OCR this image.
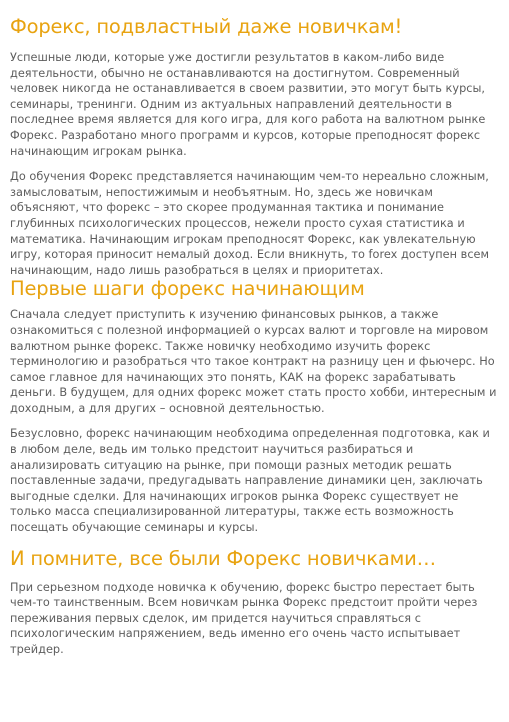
Форекс, подвластный даже новичкам!

Успешные люди, которые уже достигли результатов в каком-либо виде деятельности, обычно не останавливаются на достигнутом. Современный человек никогда не останавливается в своем развитии, это могут быть курсы, семинары, тренинги. Одним из актуальных направлений деятельности в последнее время является для кого игра, для кого работа на валютном рынке Форекс. Разработано много программ и курсов, которые преподносят форекс начинающим игрокам рынка.

До обучения Форекс представляется начинающим чем-то нереально сложным, замысловатым, непостижимым и необъятным. Но, здесь же новичкам объясняют, что форекс – это скорее продуманная тактика и понимание глубинных психологических процессов, нежели просто сухая статистика и математика. Начинающим игрокам преподносят Форекс, как увлекательную игру, которая приносит немалый доход. Если вникнуть, то forex доступен всем начинающим, надо лишь разобраться в целях и приоритетах.

Первые шаги форекс начинающим

Сначала следует приступить к изучению финансовых рынков, а также ознакомиться с полезной информацией о курсах валют и торговле на мировом валютном рынке форекс. Также новичку необходимо изучить форекс терминологию и разобраться что такое контракт на разницу цен и фьючерс. Но самое главное для начинающих это понять, КАК на форекс зарабатывать деньги. В будущем, для одних форекс может стать просто хобби, интересным и доходным, а для других – основной деятельностью.

Безусловно, форекс начинающим необходима определенная подготовка, как и в любом деле, ведь им только предстоит научиться разбираться и анализировать ситуацию на рынке, при помощи разных методик решать поставленные задачи, предугадывать направление динамики цен, заключать выгодные сделки. Для начинающих игроков рынка Форекс существует не только масса специализированной литературы, также есть возможность посещать обучающие семинары и курсы.

И помните, все были Форекс новичками…

При серьезном подходе новичка к обучению, форекс быстро перестает быть чем-то таинственным. Всем новичкам рынка Форекс предстоит пройти через переживания первых сделок, им придется научиться справляться с психологическим напряжением, ведь именно его очень часто испытывает трейдер.
